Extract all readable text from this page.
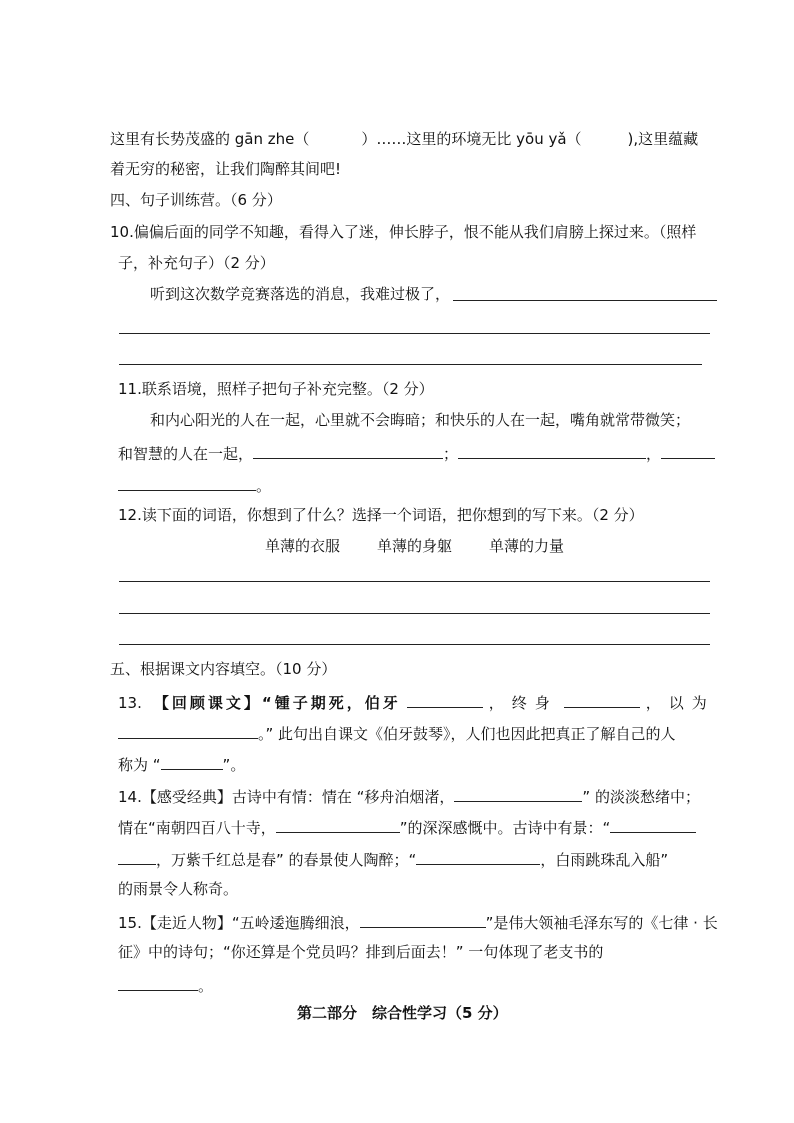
这里有长势茂盛的 gān zhe（	）……这里的环境无比 yōu yǎ（	),这里蕴藏
着无穷的秘密，让我们陶醉其间吧!
四、句子训练营。（6 分）
10.偏偏后面的同学不知趣，看得入了迷，伸长脖子，恨不能从我们肩膀上探过来。（照样
子，补充句子）（2 分）
听到这次数学竞赛落选的消息，我难过极了，
11.联系语境，照样子把句子补充完整。（2 分）
和内心阳光的人在一起，心里就不会晦暗；和快乐的人在一起，嘴角就常带微笑；
和智慧的人在一起，	；	，
。
12.读下面的词语，你想到了什么？选择一个词语，把你想到的写下来。（2 分）
单薄的衣服 单薄的身躯 单薄的力量
五、根据课文内容填空。（10 分）
13. 【回顾课文】“锺子期死，伯牙	，终身	，以为
。” 此句出自课文《伯牙鼓琴》，人们也因此把真正了解自己的人
称为 “	”。
14.【感受经典】古诗中有情：情在 “移舟泊烟渚，	” 的淡淡愁绪中；
情在“南朝四百八十寺，	”的深深感慨中。古诗中有景：“
，万紫千红总是春” 的春景使人陶醉；“	，白雨跳珠乱入船”
的雨景令人称奇。
15.【走近人物】“五岭逶迤腾细浪，	”是伟大领袖毛泽东写的《七律 · 长
征》中的诗句；“你还算是个党员吗？排到后面去！” 一句体现了老支书的
。
第二部分　综合性学习（5 分）
